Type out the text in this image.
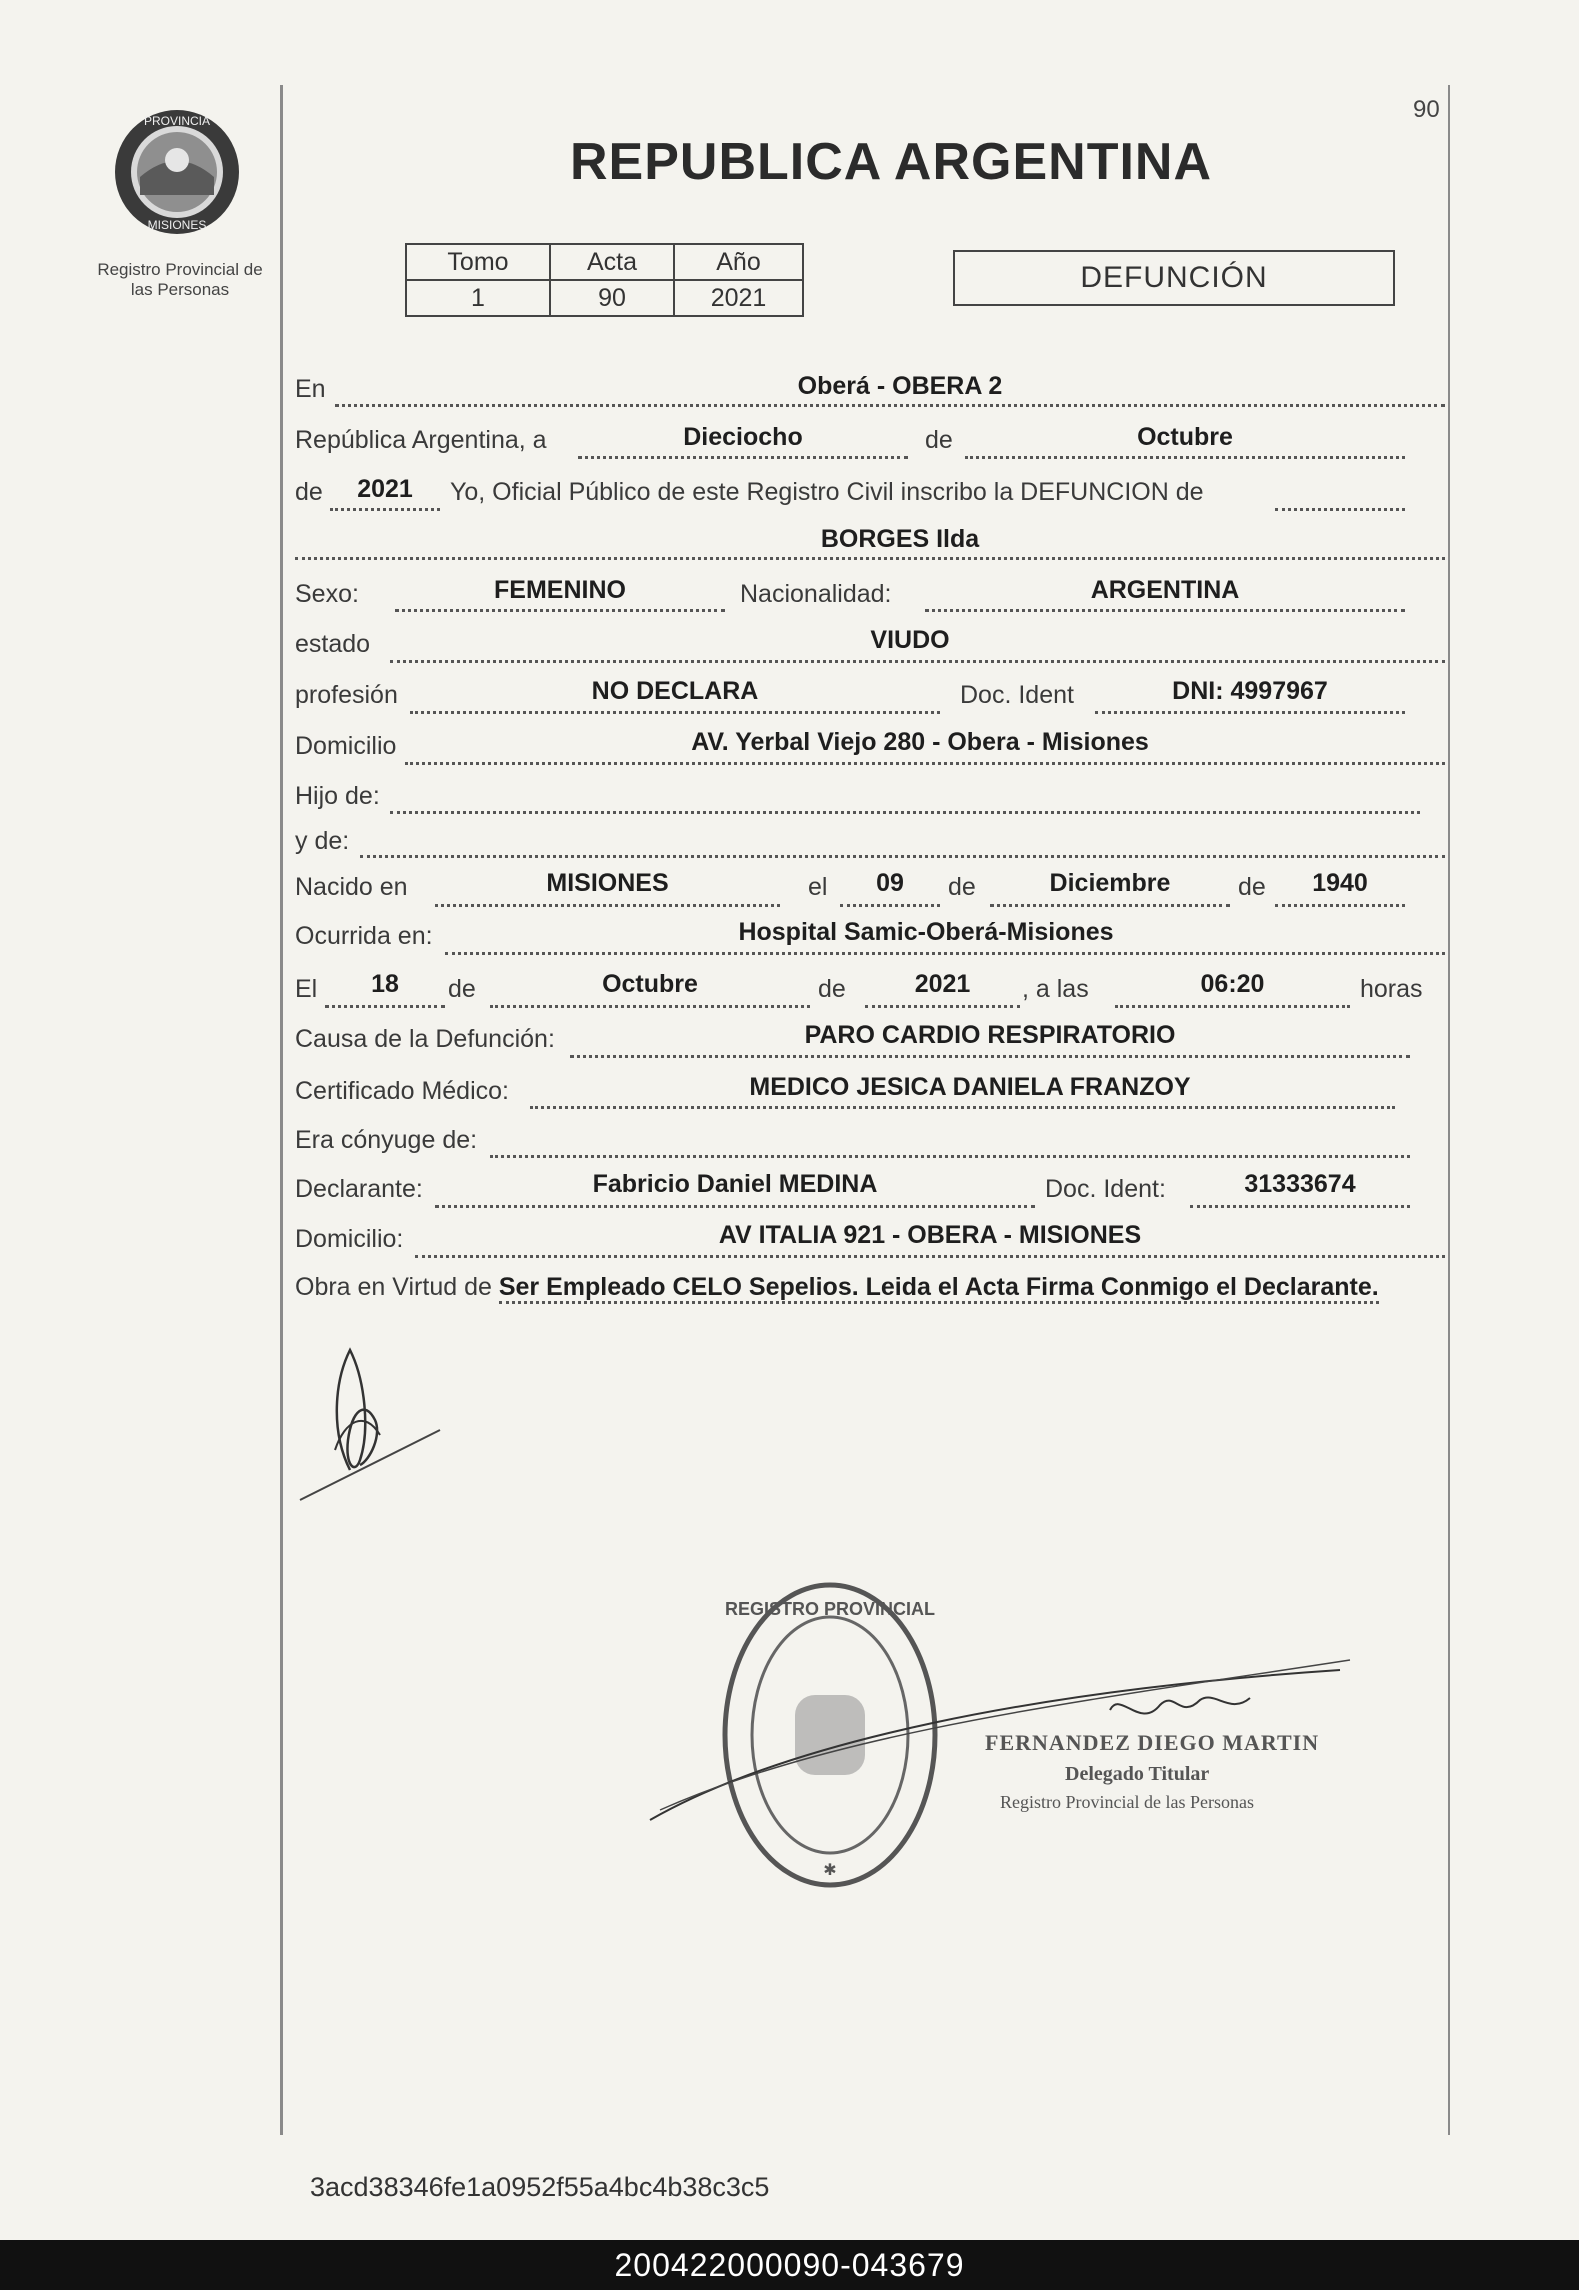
PROVINCIA
MISIONES
Registro Provincial de
las Personas
90
REPUBLICA ARGENTINA
Tomo	Acta	Año
1	90	2021
DEFUNCIÓN
En	Oberá - OBERA 2
República Argentina, a	Dieciocho	de	Octubre
de	2021	Yo, Oficial Público de este Registro Civil inscribo la DEFUNCION de
BORGES Ilda
Sexo:	FEMENINO	Nacionalidad:	ARGENTINA
estado	VIUDO
profesión	NO DECLARA	Doc. Ident	DNI: 4997967
Domicilio	AV. Yerbal Viejo 280 - Obera - Misiones
Hijo de:
y de:
Nacido en	MISIONES	el	09	de	Diciembre	de	1940
Ocurrida en:	Hospital Samic-Oberá-Misiones
El	18	de	Octubre	de	2021	, a las	06:20	horas
Causa de la Defunción:	PARO CARDIO RESPIRATORIO
Certificado Médico:	MEDICO JESICA DANIELA FRANZOY
Era cónyuge de:
Declarante:	Fabricio Daniel MEDINA	Doc. Ident:	31333674
Domicilio:	AV ITALIA 921 - OBERA - MISIONES
Obra en Virtud de Ser Empleado CELO Sepelios. Leida el Acta Firma Conmigo el Declarante.
REGISTRO PROVINCIAL
✱
FERNANDEZ DIEGO MARTIN
Delegado Titular
Registro Provincial de las Personas
3acd38346fe1a0952f55a4bc4b38c3c5
200422000090-043679
